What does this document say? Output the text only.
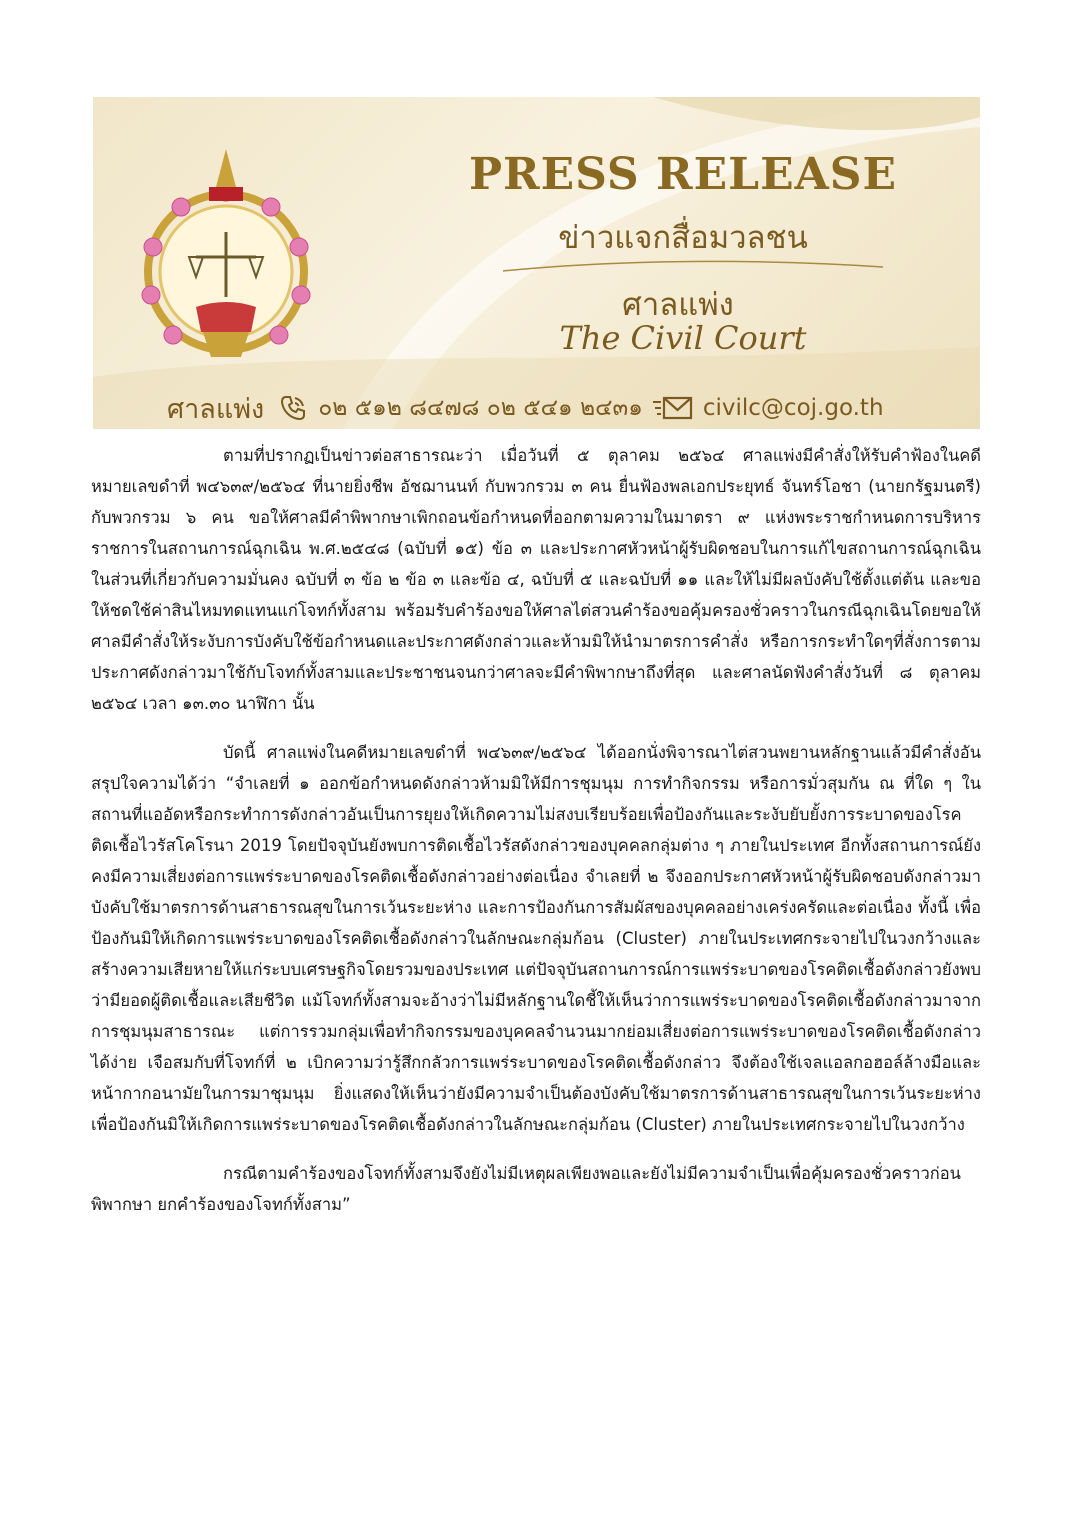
PRESS RELEASE

ข่าวแจกสื่อมวลชน

ศาลแพ่ง

The Civil Court

ศาลแพ่ง ๐๒ ๕๑๒ ๘๔๗๘ ๐๒ ๕๔๑ ๒๔๓๑	civilc@coj.go.th

ตามที่ปรากฏเป็นข่าวต่อสาธารณะว่า เมื่อวันที่ ๕ ตุลาคม ๒๕๖๔ ศาลแพ่งมีคำสั่งให้รับคำฟ้องในคดีหมายเลขดำที่ พ๔๖๓๙/๒๕๖๔ ที่นายยิ่งชีพ อัชฌานนท์ กับพวกรวม ๓ คน ยื่นฟ้องพลเอกประยุทธ์ จันทร์โอชา (นายกรัฐมนตรี) กับพวกรวม ๖ คน ขอให้ศาลมีคำพิพากษาเพิกถอนข้อกำหนดที่ออกตามความในมาตรา ๙ แห่งพระราชกำหนดการบริหารราชการในสถานการณ์ฉุกเฉิน พ.ศ.๒๕๔๘ (ฉบับที่ ๑๕) ข้อ ๓ และประกาศหัวหน้าผู้รับผิดชอบในการแก้ไขสถานการณ์ฉุกเฉินในส่วนที่เกี่ยวกับความมั่นคง ฉบับที่ ๓ ข้อ ๒ ข้อ ๓ และข้อ ๔, ฉบับที่ ๕ และฉบับที่ ๑๑ และให้ไม่มีผลบังคับใช้ตั้งแต่ต้น และขอให้ชดใช้ค่าสินไหมทดแทนแก่โจทก์ทั้งสาม พร้อมรับคำร้องขอให้ศาลไต่สวนคำร้องขอคุ้มครองชั่วคราวในกรณีฉุกเฉินโดยขอให้ศาลมีคำสั่งให้ระงับการบังคับใช้ข้อกำหนดและประกาศดังกล่าวและห้ามมิให้นำมาตรการคำสั่ง หรือการกระทำใดๆที่สั่งการตามประกาศดังกล่าวมาใช้กับโจทก์ทั้งสามและประชาชนจนกว่าศาลจะมีคำพิพากษาถึงที่สุด และศาลนัดฟังคำสั่งวันที่ ๘ ตุลาคม ๒๕๖๔ เวลา ๑๓.๓๐ นาฬิกา นั้น

บัดนี้ ศาลแพ่งในคดีหมายเลขดำที่ พ๔๖๓๙/๒๕๖๔ ได้ออกนั่งพิจารณาไต่สวนพยานหลักฐานแล้วมีคำสั่งอันสรุปใจความได้ว่า “จำเลยที่ ๑ ออกข้อกำหนดดังกล่าวห้ามมิให้มีการชุมนุม การทำกิจกรรม หรือการมั่วสุมกัน ณ ที่ใด ๆ ในสถานที่แออัดหรือกระทำการดังกล่าวอันเป็นการยุยงให้เกิดความไม่สงบเรียบร้อยเพื่อป้องกันและระงับยับยั้งการระบาดของโรคติดเชื้อไวรัสโคโรนา 2019 โดยปัจจุบันยังพบการติดเชื้อไวรัสดังกล่าวของบุคคลกลุ่มต่าง ๆ ภายในประเทศ อีกทั้งสถานการณ์ยังคงมีความเสี่ยงต่อการแพร่ระบาดของโรคติดเชื้อดังกล่าวอย่างต่อเนื่อง จำเลยที่ ๒ จึงออกประกาศหัวหน้าผู้รับผิดชอบดังกล่าวมาบังคับใช้มาตรการด้านสาธารณสุขในการเว้นระยะห่าง และการป้องกันการสัมผัสของบุคคลอย่างเคร่งครัดและต่อเนื่อง ทั้งนี้ เพื่อป้องกันมิให้เกิดการแพร่ระบาดของโรคติดเชื้อดังกล่าวในลักษณะกลุ่มก้อน (Cluster) ภายในประเทศกระจายไปในวงกว้างและสร้างความเสียหายให้แก่ระบบเศรษฐกิจโดยรวมของประเทศ แต่ปัจจุบันสถานการณ์การแพร่ระบาดของโรคติดเชื้อดังกล่าวยังพบว่ามียอดผู้ติดเชื้อและเสียชีวิต แม้โจทก์ทั้งสามจะอ้างว่าไม่มีหลักฐานใดชี้ให้เห็นว่าการแพร่ระบาดของโรคติดเชื้อดังกล่าวมาจากการชุมนุมสาธารณะ แต่การรวมกลุ่มเพื่อทำกิจกรรมของบุคคลจำนวนมากย่อมเสี่ยงต่อการแพร่ระบาดของโรคติดเชื้อดังกล่าวได้ง่าย เจือสมกับที่โจทก์ที่ ๒ เบิกความว่ารู้สึกกลัวการแพร่ระบาดของโรคติดเชื้อดังกล่าว จึงต้องใช้เจลแอลกอฮอล์ล้างมือและหน้ากากอนามัยในการมาชุมนุม ยิ่งแสดงให้เห็นว่ายังมีความจำเป็นต้องบังคับใช้มาตรการด้านสาธารณสุขในการเว้นระยะห่างเพื่อป้องกันมิให้เกิดการแพร่ระบาดของโรคติดเชื้อดังกล่าวในลักษณะกลุ่มก้อน (Cluster) ภายในประเทศกระจายไปในวงกว้าง

กรณีตามคำร้องของโจทก์ทั้งสามจึงยังไม่มีเหตุผลเพียงพอและยังไม่มีความจำเป็นเพื่อคุ้มครองชั่วคราวก่อนพิพากษา ยกคำร้องของโจทก์ทั้งสาม”
